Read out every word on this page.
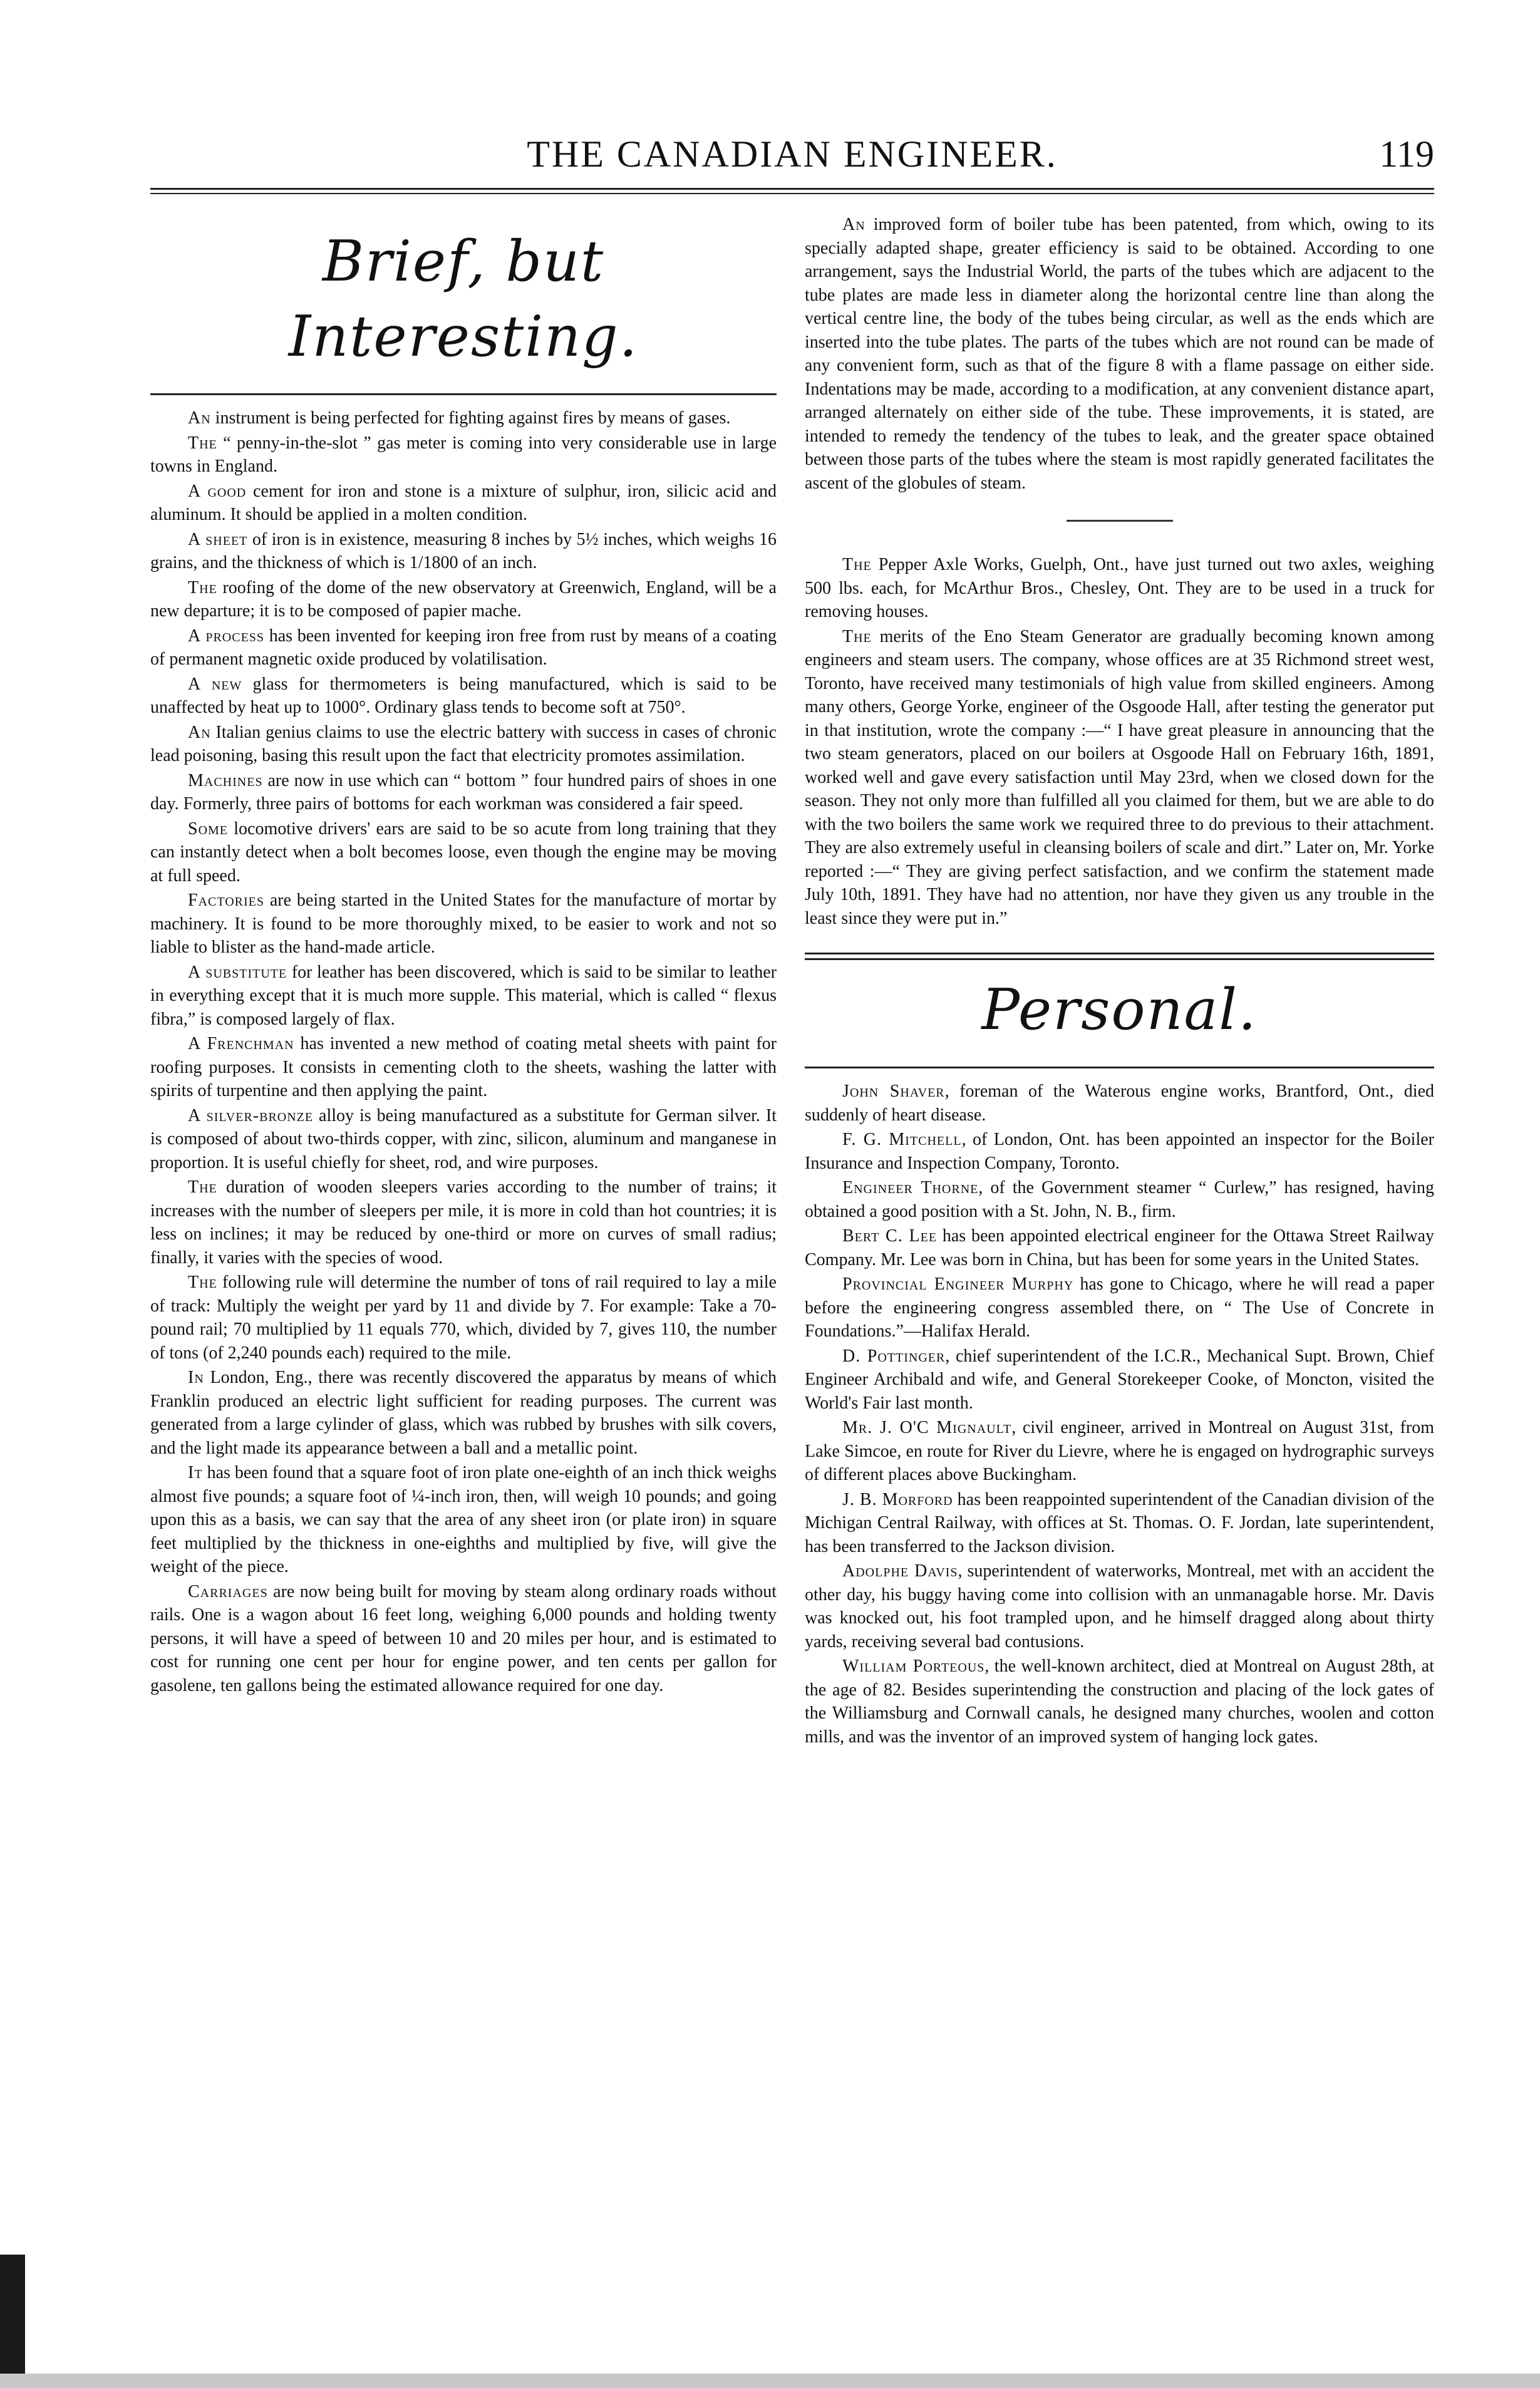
THE CANADIAN ENGINEER.	119
Brief, but Interesting.

An instrument is being perfected for fighting against fires by means of gases.

The “ penny-in-the-slot ” gas meter is coming into very considerable use in large towns in England.

A good cement for iron and stone is a mixture of sulphur, iron, silicic acid and aluminum. It should be applied in a molten condition.

A sheet of iron is in existence, measuring 8 inches by 5½ inches, which weighs 16 grains, and the thickness of which is 1/1800 of an inch.

The roofing of the dome of the new observatory at Greenwich, England, will be a new departure; it is to be composed of papier mache.

A process has been invented for keeping iron free from rust by means of a coating of permanent magnetic oxide produced by volatilisation.

A new glass for thermometers is being manufactured, which is said to be unaffected by heat up to 1000°. Ordinary glass tends to become soft at 750°.

An Italian genius claims to use the electric battery with success in cases of chronic lead poisoning, basing this result upon the fact that electricity promotes assimilation.

Machines are now in use which can “ bottom ” four hundred pairs of shoes in one day. Formerly, three pairs of bottoms for each workman was considered a fair speed.

Some locomotive drivers' ears are said to be so acute from long training that they can instantly detect when a bolt becomes loose, even though the engine may be moving at full speed.

Factories are being started in the United States for the manufacture of mortar by machinery. It is found to be more thoroughly mixed, to be easier to work and not so liable to blister as the hand-made article.

A substitute for leather has been discovered, which is said to be similar to leather in everything except that it is much more supple. This material, which is called “ flexus fibra,” is composed largely of flax.

A Frenchman has invented a new method of coating metal sheets with paint for roofing purposes. It consists in cementing cloth to the sheets, washing the latter with spirits of turpentine and then applying the paint.

A silver-bronze alloy is being manufactured as a substitute for German silver. It is composed of about two-thirds copper, with zinc, silicon, aluminum and manganese in proportion. It is useful chiefly for sheet, rod, and wire purposes.

The duration of wooden sleepers varies according to the number of trains; it increases with the number of sleepers per mile, it is more in cold than hot countries; it is less on inclines; it may be reduced by one-third or more on curves of small radius; finally, it varies with the species of wood.

The following rule will determine the number of tons of rail required to lay a mile of track: Multiply the weight per yard by 11 and divide by 7. For example: Take a 70-pound rail; 70 multiplied by 11 equals 770, which, divided by 7, gives 110, the number of tons (of 2,240 pounds each) required to the mile.

In London, Eng., there was recently discovered the apparatus by means of which Franklin produced an electric light sufficient for reading purposes. The current was generated from a large cylinder of glass, which was rubbed by brushes with silk covers, and the light made its appearance between a ball and a metallic point.

It has been found that a square foot of iron plate one-eighth of an inch thick weighs almost five pounds; a square foot of ¼-inch iron, then, will weigh 10 pounds; and going upon this as a basis, we can say that the area of any sheet iron (or plate iron) in square feet multiplied by the thickness in one-eighths and multiplied by five, will give the weight of the piece.

Carriages are now being built for moving by steam along ordinary roads without rails. One is a wagon about 16 feet long, weighing 6,000 pounds and holding twenty persons, it will have a speed of between 10 and 20 miles per hour, and is estimated to cost for running one cent per hour for engine power, and ten cents per gallon for gasolene, ten gallons being the estimated allowance required for one day.

An improved form of boiler tube has been patented, from which, owing to its specially adapted shape, greater efficiency is said to be obtained. According to one arrangement, says the Industrial World, the parts of the tubes which are adjacent to the tube plates are made less in diameter along the horizontal centre line than along the vertical centre line, the body of the tubes being circular, as well as the ends which are inserted into the tube plates. The parts of the tubes which are not round can be made of any convenient form, such as that of the figure 8 with a flame passage on either side. Indentations may be made, according to a modification, at any convenient distance apart, arranged alternately on either side of the tube. These improvements, it is stated, are intended to remedy the tendency of the tubes to leak, and the greater space obtained between those parts of the tubes where the steam is most rapidly generated facilitates the ascent of the globules of steam.

The Pepper Axle Works, Guelph, Ont., have just turned out two axles, weighing 500 lbs. each, for McArthur Bros., Chesley, Ont. They are to be used in a truck for removing houses.

The merits of the Eno Steam Generator are gradually becoming known among engineers and steam users. The company, whose offices are at 35 Richmond street west, Toronto, have received many testimonials of high value from skilled engineers. Among many others, George Yorke, engineer of the Osgoode Hall, after testing the generator put in that institution, wrote the company :—“ I have great pleasure in announcing that the two steam generators, placed on our boilers at Osgoode Hall on February 16th, 1891, worked well and gave every satisfaction until May 23rd, when we closed down for the season. They not only more than fulfilled all you claimed for them, but we are able to do with the two boilers the same work we required three to do previous to their attachment. They are also extremely useful in cleansing boilers of scale and dirt.” Later on, Mr. Yorke reported :—“ They are giving perfect satisfaction, and we confirm the statement made July 10th, 1891. They have had no attention, nor have they given us any trouble in the least since they were put in.”

Personal.

John Shaver, foreman of the Waterous engine works, Brantford, Ont., died suddenly of heart disease.

F. G. Mitchell, of London, Ont. has been appointed an inspector for the Boiler Insurance and Inspection Company, Toronto.

Engineer Thorne, of the Government steamer “ Curlew,” has resigned, having obtained a good position with a St. John, N. B., firm.

Bert C. Lee has been appointed electrical engineer for the Ottawa Street Railway Company. Mr. Lee was born in China, but has been for some years in the United States.

Provincial Engineer Murphy has gone to Chicago, where he will read a paper before the engineering congress assembled there, on “ The Use of Concrete in Foundations.”—Halifax Herald.

D. Pottinger, chief superintendent of the I.C.R., Mechanical Supt. Brown, Chief Engineer Archibald and wife, and General Storekeeper Cooke, of Moncton, visited the World's Fair last month.

Mr. J. O'C Mignault, civil engineer, arrived in Montreal on August 31st, from Lake Simcoe, en route for River du Lievre, where he is engaged on hydrographic surveys of different places above Buckingham.

J. B. Morford has been reappointed superintendent of the Canadian division of the Michigan Central Railway, with offices at St. Thomas. O. F. Jordan, late superintendent, has been transferred to the Jackson division.

Adolphe Davis, superintendent of waterworks, Montreal, met with an accident the other day, his buggy having come into collision with an unmanagable horse. Mr. Davis was knocked out, his foot trampled upon, and he himself dragged along about thirty yards, receiving several bad contusions.

William Porteous, the well-known architect, died at Montreal on August 28th, at the age of 82. Besides superintending the construction and placing of the lock gates of the Williamsburg and Cornwall canals, he designed many churches, woolen and cotton mills, and was the inventor of an improved system of hanging lock gates.
